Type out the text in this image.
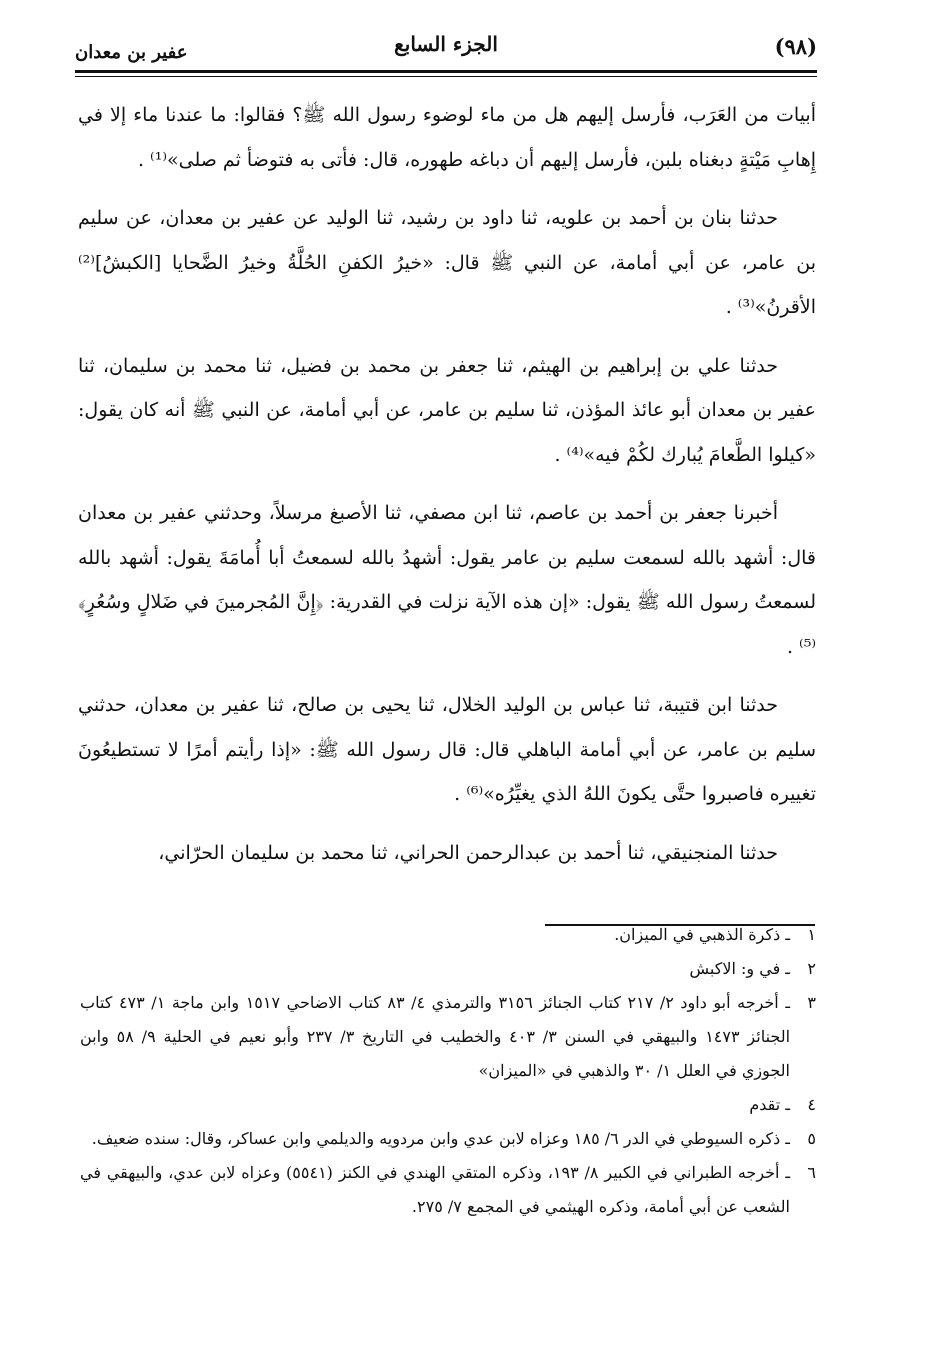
(٩٨)
الجزء السابع
عفير بن معدان

أبيات من العَرَب، فأرسل إليهم هل من ماء لوضوء رسول الله ﷺ؟ فقالوا: ما عندنا ماء إلا في إِهابِ مَيْتةٍ دبغناه بلبن، فأرسل إليهم أن دباغه طهوره، قال: فأتى به فتوضأ ثم صلى»⁽¹⁾ .

حدثنا بنان بن أحمد بن علويه، ثنا داود بن رشيد، ثنا الوليد عن عفير بن معدان، عن سليم بن عامر، عن أبي أمامة، عن النبي ﷺ قال: «خيرُ الكفنِ الحُلَّةُ وخيرُ الضَّحايا [الكبشُ]⁽²⁾ الأقرنُ»⁽³⁾ .

حدثنا علي بن إبراهيم بن الهيثم، ثنا جعفر بن محمد بن فضيل، ثنا محمد بن سليمان، ثنا عفير بن معدان أبو عائذ المؤذن، ثنا سليم بن عامر، عن أبي أمامة، عن النبي ﷺ أنه كان يقول: «كيلوا الطَّعامَ يُبارك لكُمْ فيه»⁽⁴⁾ .

أخبرنا جعفر بن أحمد بن عاصم، ثنا ابن مصفي، ثنا الأصبغ مرسلاً، وحدثني عفير بن معدان قال: أشهد بالله لسمعت سليم بن عامر يقول: أشهدُ بالله لسمعتُ أبا أُمامَةَ يقول: أشهد بالله لسمعتُ رسول الله ﷺ يقول: «إن هذه الآية نزلت في القدرية: ﴿إِنَّ المُجرمينَ في ضَلالٍ وسُعُرٍ﴾⁽⁵⁾ .

حدثنا ابن قتيبة، ثنا عباس بن الوليد الخلال، ثنا يحيى بن صالح، ثنا عفير بن معدان، حدثني سليم بن عامر، عن أبي أمامة الباهلي قال: قال رسول الله ﷺ: «إذا رأيتم أمرًا لا تستطيعُونَ تغييره فاصبروا حتَّى يكونَ اللهُ الذي يغيِّرُه»⁽⁶⁾ .

حدثنا المنجنيقي، ثنا أحمد بن عبدالرحمن الحراني، ثنا محمد بن سليمان الحرّاني،

١
ـ ذكرة الذهبي في الميزان.

٢
ـ في و: الاكبش

٣
ـ أخرجه أبو داود ٢/ ٢١٧ كتاب الجنائز ٣١٥٦ والترمذي ٤/ ٨٣ كتاب الاضاحي ١٥١٧ وابن ماجة ١/ ٤٧٣ كتاب الجنائز ١٤٧٣ والبيهقي في السنن ٣/ ٤٠٣ والخطيب في التاريخ ٣/ ٢٣٧ وأبو نعيم في الحلية ٩/ ٥٨ وابن الجوزي في العلل ١/ ٣٠ والذهبي في «الميزان»

٤
ـ تقدم

٥
ـ ذكره السيوطي في الدر ٦/ ١٨٥ وعزاه لابن عدي وابن مردويه والديلمي وابن عساكر، وقال: سنده ضعيف.

٦
ـ أخرجه الطبراني في الكبير ٨/ ١٩٣، وذكره المتقي الهندي في الكنز (٥٥٤١) وعزاه لابن عدي، والبيهقي في الشعب عن أبي أمامة، وذكره الهيثمي في المجمع ٧/ ٢٧٥.
